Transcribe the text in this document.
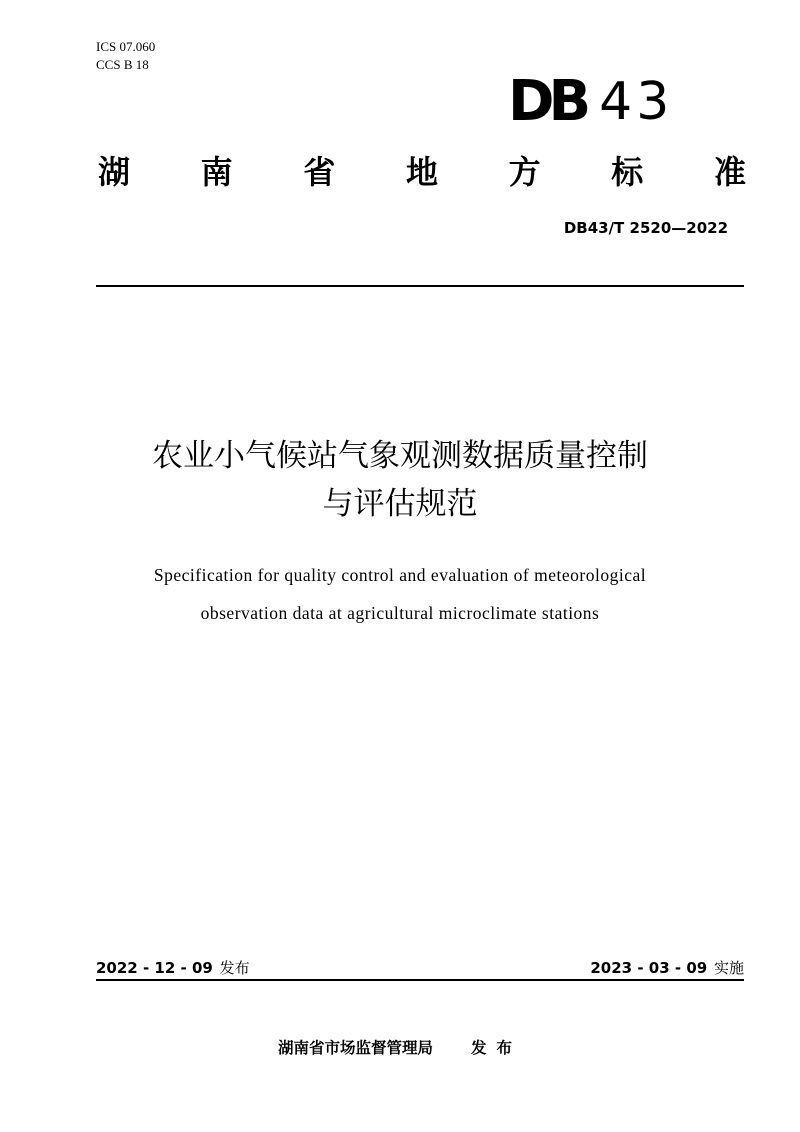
ICS 07.060
CCS B 18
DB 43
湖 南 省 地 方 标 准
DB43/T 2520—2022
农业小气候站气象观测数据质量控制
与评估规范
Specification for quality control and evaluation of meteorological
observation data at agricultural microclimate stations
2022 - 12 - 09 发布	2023 - 03 - 09 实施
湖南省市场监督管理局 发布
